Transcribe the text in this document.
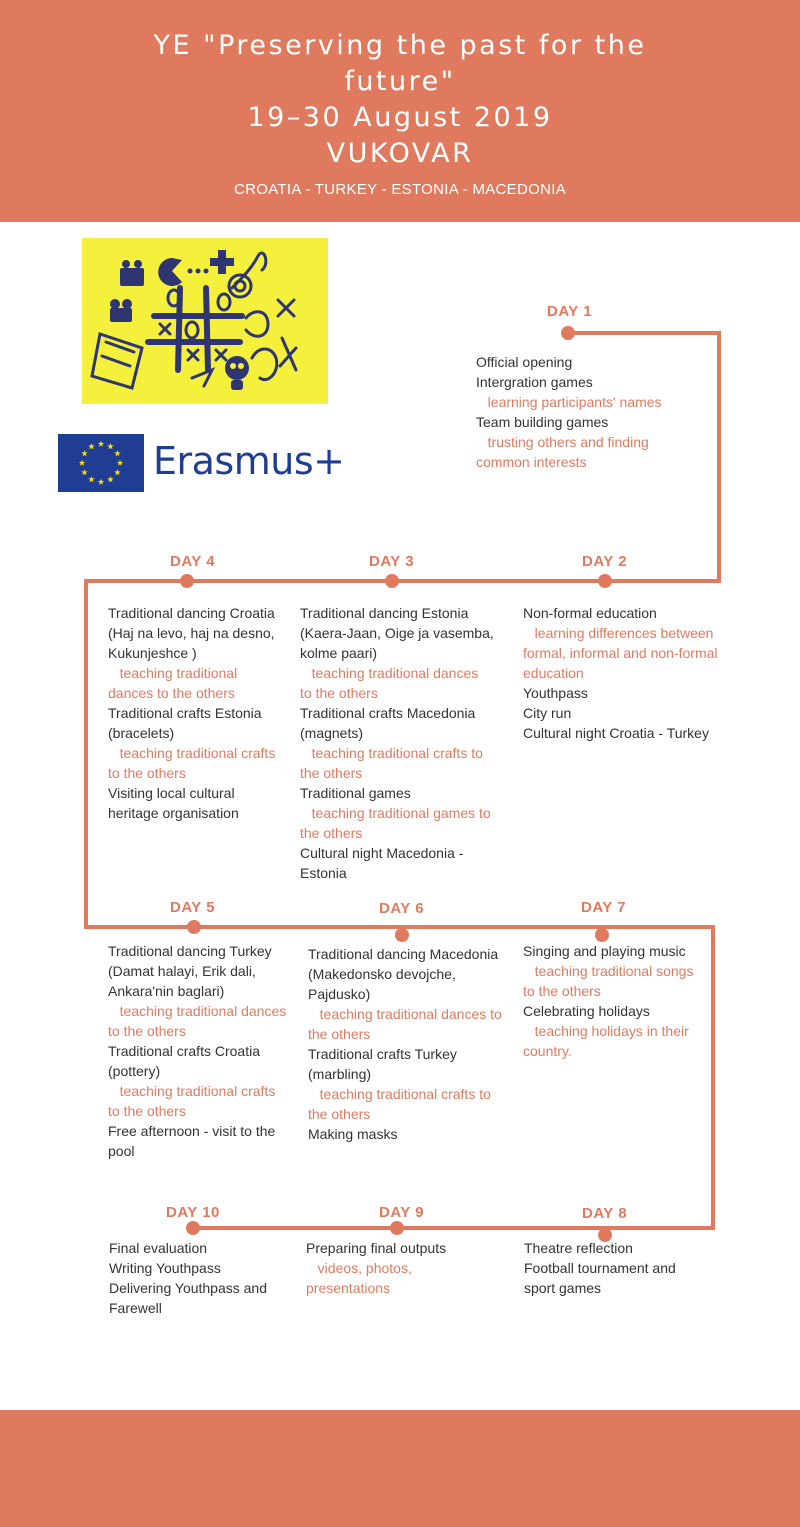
YE "Preserving the past for the
future"
19–30 August 2019
VUKOVAR
CROATIA - TURKEY - ESTONIA - MACEDONIA
Erasmus+
DAY 1
DAY 2
DAY 3
DAY 4
DAY 5	DAY 6	DAY 7
DAY 8
DAY 9
DAY 10
Official opening
Intergration games
learning participants' names
Team building games
trusting others and finding
common interests
Non-formal education
learning differences between
formal, informal and non-formal
education
Youthpass
City run
Cultural night Croatia - Turkey
Traditional dancing Estonia
(Kaera-Jaan, Oige ja vasemba,
kolme paari)
teaching traditional dances
to the others
Traditional crafts Macedonia
(magnets)
teaching traditional crafts to
the others
Traditional games
teaching traditional games to
the others
Cultural night Macedonia -
Estonia
Traditional dancing Croatia
(Haj na levo, haj na desno,
Kukunjeshce )
teaching traditional
dances to the others
Traditional crafts Estonia
(bracelets)
teaching traditional crafts
to the others
Visiting local cultural
heritage organisation
Traditional dancing Turkey
(Damat halayi, Erik dali,
Ankara'nin baglari)
teaching traditional dances
to the others
Traditional crafts Croatia
(pottery)
teaching traditional crafts
to the others
Free afternoon - visit to the
pool
Traditional dancing Macedonia
(Makedonsko devojche,
Pajdusko)
teaching traditional dances to
the others
Traditional crafts Turkey
(marbling)
teaching traditional crafts to
the others
Making masks
Singing and playing music
teaching traditional songs
to the others
Celebrating holidays
teaching holidays in their
country.
Theatre reflection
Football tournament and
sport games
Preparing final outputs
videos, photos,
presentations
Final evaluation
Writing Youthpass
Delivering Youthpass and
Farewell
